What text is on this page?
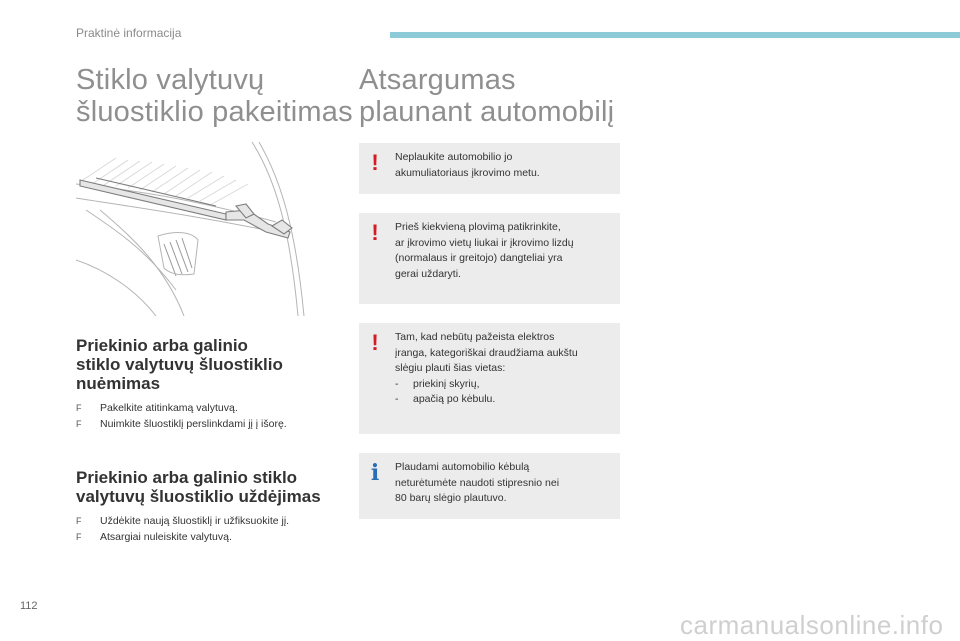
Praktinė informacija
Stiklo valytuvų
šluostiklio pakeitimas
Priekinio arba galinio
stiklo valytuvų šluostiklio
nuėmimas
F Pakelkite atitinkamą valytuvą.
F Nuimkite šluostiklį perslinkdami jį į išorę.
Priekinio arba galinio stiklo
valytuvų šluostiklio uždėjimas
F Uždėkite naują šluostiklį ir užfiksuokite jį.
F Atsargiai nuleiskite valytuvą.
Atsargumas
plaunant automobilį
!	Neplaukite automobilio jo
akumuliatoriaus įkrovimo metu.
!	Prieš kiekvieną plovimą patikrinkite,
ar įkrovimo vietų liukai ir įkrovimo lizdų
(normalaus ir greitojo) dangteliai yra
gerai uždaryti.
!	Tam, kad nebūtų pažeista elektros
įranga, kategoriškai draudžiama aukštu
slėgiu plauti šias vietas:
- priekinį skyrių,
- apačią po kėbulu.
i Plaudami automobilio kėbulą
neturėtumėte naudoti stipresnio nei
80 barų slėgio plautuvo.
112
carmanualsonline.info
